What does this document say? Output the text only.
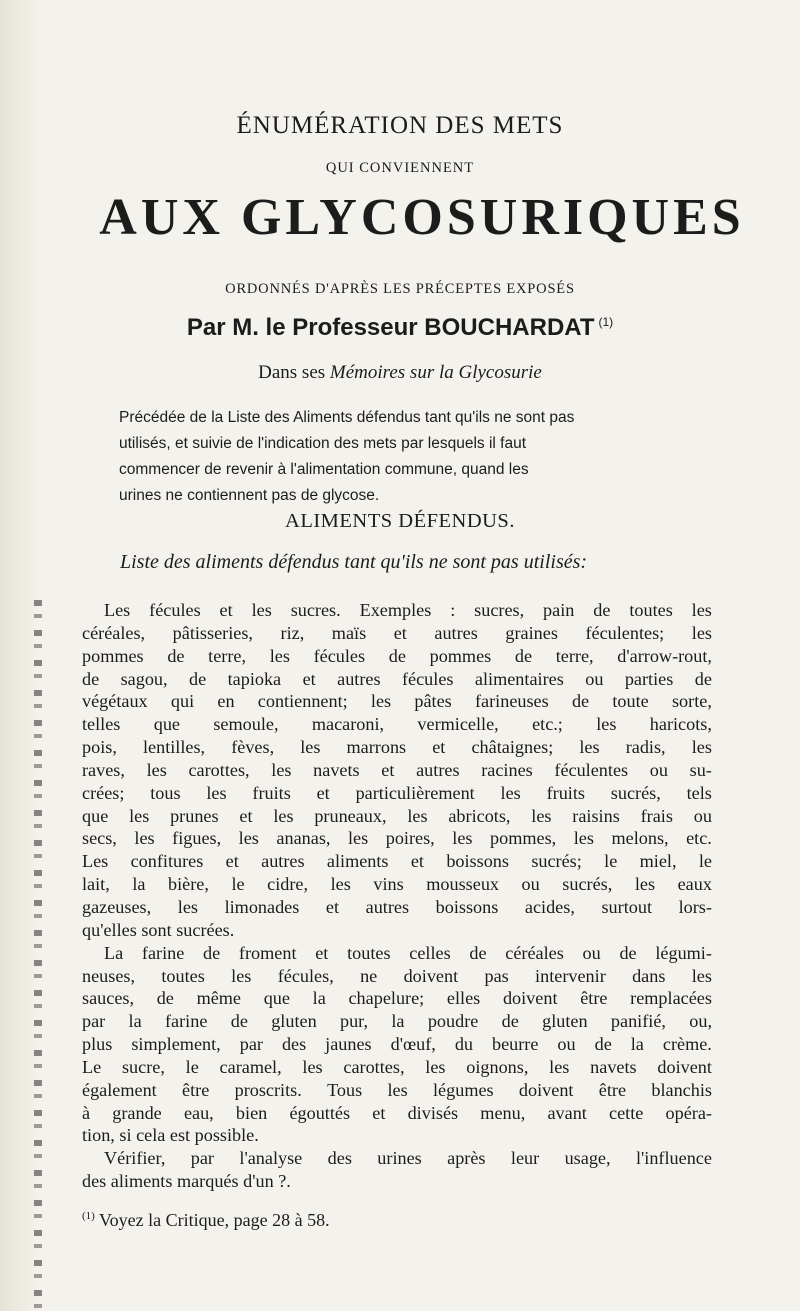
ÉNUMÉRATION DES METS
QUI CONVIENNENT
AUX GLYCOSURIQUES
ORDONNÉS D'APRÈS LES PRÉCEPTES EXPOSÉS
Par M. le Professeur BOUCHARDAT $^{(1)}$
Dans ses Mémoires sur la Glycosurie
Précédée de la Liste des Aliments défendus tant qu'ils ne sont pas
utilisés, et suivie de l'indication des mets par lesquels il faut
commencer de revenir à l'alimentation commune, quand les
urines ne contiennent pas de glycose.
ALIMENTS DÉFENDUS.
Liste des aliments défendus tant qu'ils ne sont pas utilisés:
Les fécules et les sucres. Exemples : sucres, pain de toutes les
céréales, pâtisseries, riz, maïs et autres graines féculentes; les
pommes de terre, les fécules de pommes de terre, d'arrow-rout,
de sagou, de tapioka et autres fécules alimentaires ou parties de
végétaux qui en contiennent; les pâtes farineuses de toute sorte,
telles que semoule, macaroni, vermicelle, etc.; les haricots,
pois, lentilles, fèves, les marrons et châtaignes; les radis, les
raves, les carottes, les navets et autres racines féculentes ou su-
crées; tous les fruits et particulièrement les fruits sucrés, tels
que les prunes et les pruneaux, les abricots, les raisins frais ou
secs, les figues, les ananas, les poires, les pommes, les melons, etc.
Les confitures et autres aliments et boissons sucrés; le miel, le
lait, la bière, le cidre, les vins mousseux ou sucrés, les eaux
gazeuses, les limonades et autres boissons acides, surtout lors-
qu'elles sont sucrées.
La farine de froment et toutes celles de céréales ou de légumi-
neuses, toutes les fécules, ne doivent pas intervenir dans les
sauces, de même que la chapelure; elles doivent être remplacées
par la farine de gluten pur, la poudre de gluten panifié, ou,
plus simplement, par des jaunes d'œuf, du beurre ou de la crème.
Le sucre, le caramel, les carottes, les oignons, les navets doivent
également être proscrits. Tous les légumes doivent être blanchis
à grande eau, bien égouttés et divisés menu, avant cette opéra-
tion, si cela est possible.
Vérifier, par l'analyse des urines après leur usage, l'influence
des aliments marqués d'un ?.
$^{(1)}$ Voyez la Critique, page 28 à 58.
